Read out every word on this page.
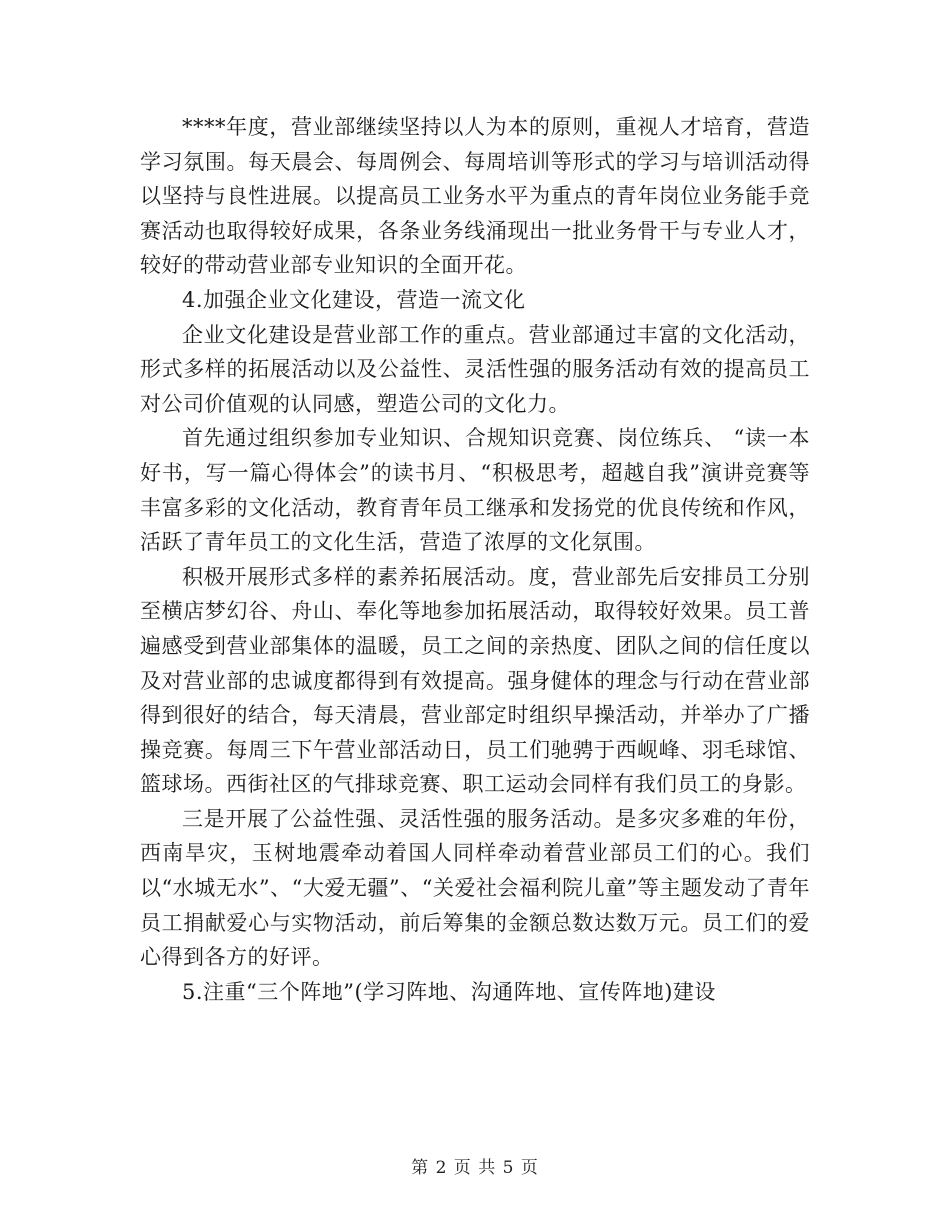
****年度，营业部继续坚持以人为本的原则，重视人才培育，营造学习氛围。每天晨会、每周例会、每周培训等形式的学习与培训活动得以坚持与良性进展。以提高员工业务水平为重点的青年岗位业务能手竞赛活动也取得较好成果，各条业务线涌现出一批业务骨干与专业人才，较好的带动营业部专业知识的全面开花。

4.加强企业文化建设，营造一流文化

企业文化建设是营业部工作的重点。营业部通过丰富的文化活动，形式多样的拓展活动以及公益性、灵活性强的服务活动有效的提高员工对公司价值观的认同感，塑造公司的文化力。

首先通过组织参加专业知识、合规知识竞赛、岗位练兵、 “读一本好书，写一篇心得体会”的读书月、“积极思考，超越自我”演讲竞赛等丰富多彩的文化活动，教育青年员工继承和发扬党的优良传统和作风，活跃了青年员工的文化生活，营造了浓厚的文化氛围。

积极开展形式多样的素养拓展活动。度，营业部先后安排员工分别至横店梦幻谷、舟山、奉化等地参加拓展活动，取得较好效果。员工普遍感受到营业部集体的温暖，员工之间的亲热度、团队之间的信任度以及对营业部的忠诚度都得到有效提高。强身健体的理念与行动在营业部得到很好的结合，每天清晨，营业部定时组织早操活动，并举办了广播操竞赛。每周三下午营业部活动日，员工们驰骋于西岘峰、羽毛球馆、篮球场。西街社区的气排球竞赛、职工运动会同样有我们员工的身影。

三是开展了公益性强、灵活性强的服务活动。是多灾多难的年份，西南旱灾，玉树地震牵动着国人同样牵动着营业部员工们的心。我们以“水城无水”、“大爱无疆”、“关爱社会福利院儿童”等主题发动了青年员工捐献爱心与实物活动，前后筹集的金额总数达数万元。员工们的爱心得到各方的好评。

5.注重“三个阵地”(学习阵地、沟通阵地、宣传阵地)建设

第 2 页 共 5 页
